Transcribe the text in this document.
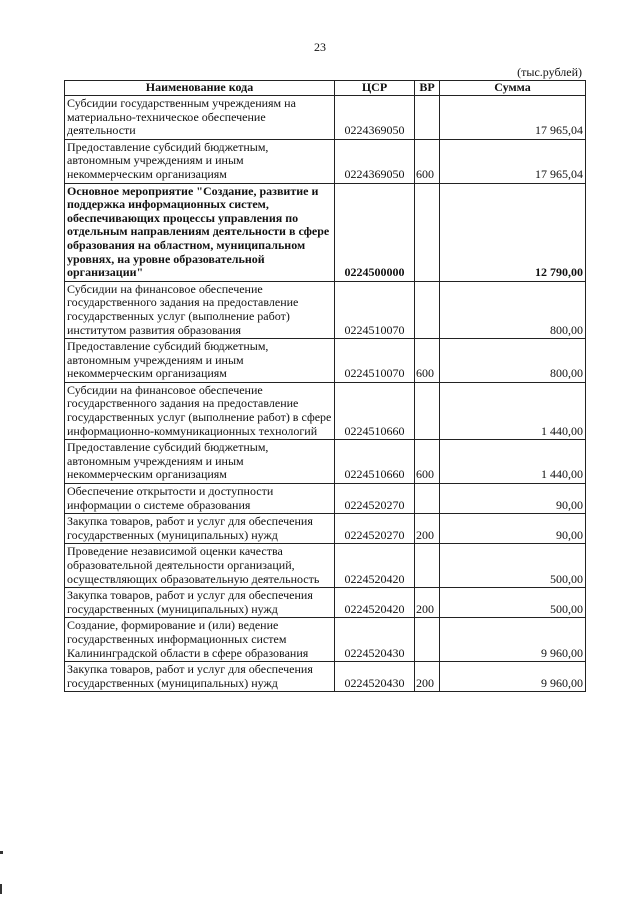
23
(тыс.рублей)
Наименование кода	ЦСР	ВР	Сумма
Субсидии государственным учреждениям на материально-техническое обеспечение деятельности	0224369050		17 965,04
Предоставление субсидий бюджетным, автономным учреждениям и иным некоммерческим организациям	0224369050	600	17 965,04
Основное мероприятие "Создание, развитие и поддержка информационных систем, обеспечивающих процессы управления по отдельным направлениям деятельности в сфере образования на областном, муниципальном уровнях, на уровне образовательной организации"	0224500000		12 790,00
Субсидии на финансовое обеспечение государственного задания на предоставление государственных услуг (выполнение работ) институтом развития образования	0224510070		800,00
Предоставление субсидий бюджетным, автономным учреждениям и иным некоммерческим организациям	0224510070	600	800,00
Субсидии на финансовое обеспечение государственного задания на предоставление государственных услуг (выполнение работ) в сфере информационно-коммуникационных технологий	0224510660		1 440,00
Предоставление субсидий бюджетным, автономным учреждениям и иным некоммерческим организациям	0224510660	600	1 440,00
Обеспечение открытости и доступности информации о системе образования	0224520270		90,00
Закупка товаров, работ и услуг для обеспечения государственных (муниципальных) нужд	0224520270	200	90,00
Проведение независимой оценки качества образовательной деятельности организаций, осуществляющих образовательную деятельность	0224520420		500,00
Закупка товаров, работ и услуг для обеспечения государственных (муниципальных) нужд	0224520420	200	500,00
Создание, формирование и (или) ведение государственных информационных систем Калининградской области в сфере образования	0224520430		9 960,00
Закупка товаров, работ и услуг для обеспечения государственных (муниципальных) нужд	0224520430	200	9 960,00
